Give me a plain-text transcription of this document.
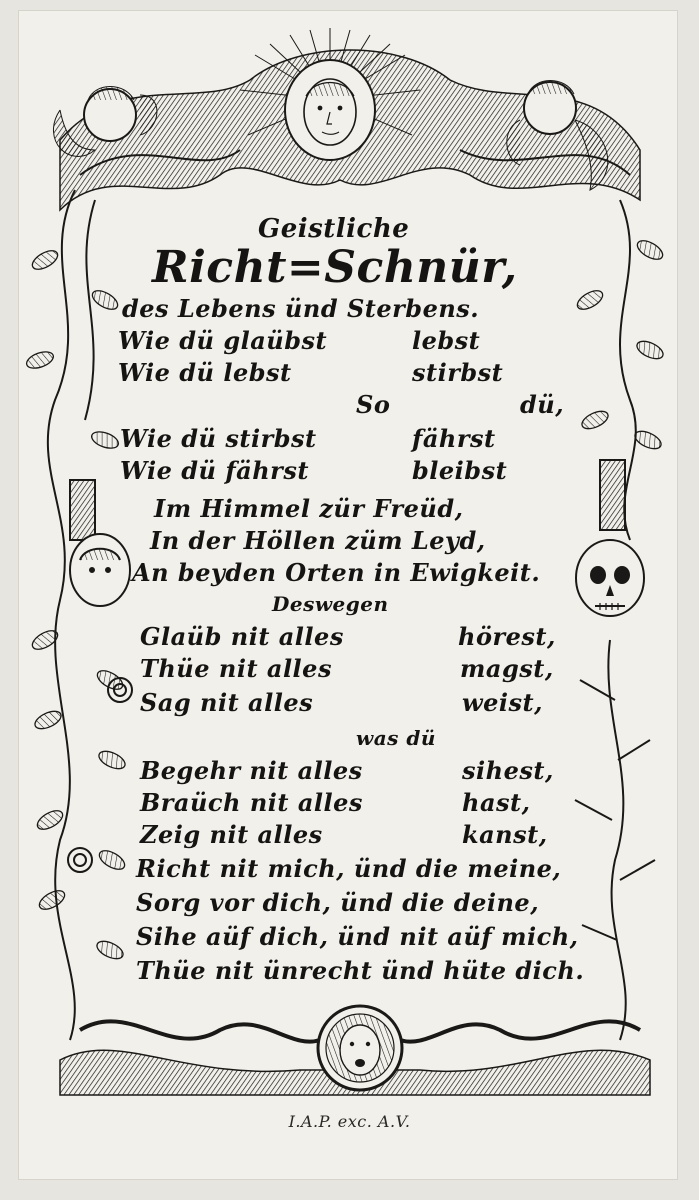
Geistliche
Richt=Schnür,
des Lebens ünd Sterbens.
Wie dü glaübst	lebst
Wie dü lebst	stirbst
So	dü,
Wie dü stirbst	fährst
Wie dü fährst	bleibst
Im Himmel zür Freüd,
In der Höllen züm Leyd,
An beyden Orten in Ewigkeit.
Deswegen
Glaüb nit alles	hörest,
Thüe nit alles	magst,
Sag nit alles	weist,
was dü
Begehr nit alles	sihest,
Braüch nit alles	hast,
Zeig nit alles	kanst,
Richt nit mich, ünd die meine,
Sorg vor dich, ünd die deine,
Sihe aüf dich, ünd nit aüf mich,
Thüe nit ünrecht ünd hüte dich.
I.A.P. exc. A.V.
